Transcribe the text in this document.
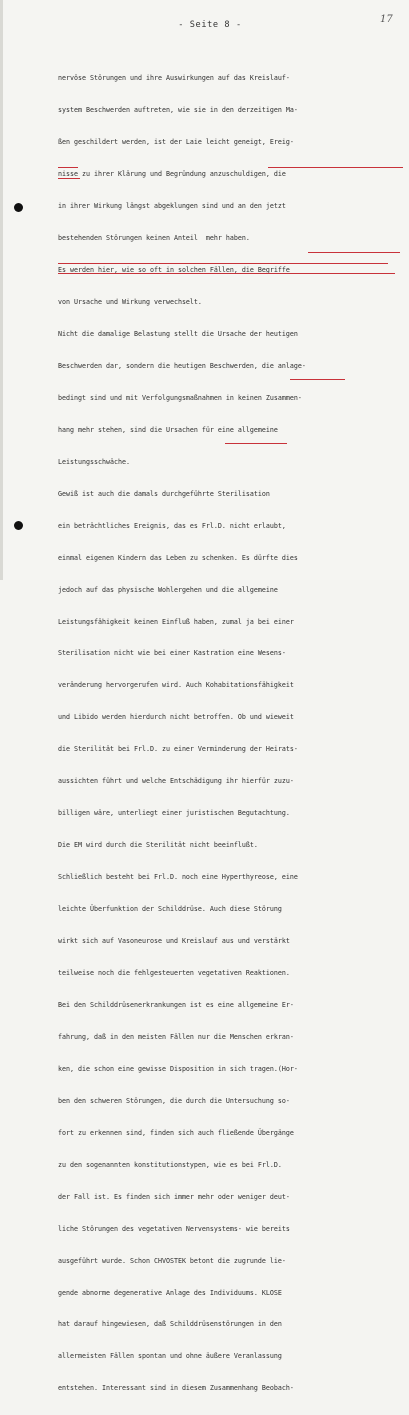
- Seite 8 -	17

nervöse Störungen und ihre Auswirkungen auf das Kreislauf-

system Beschwerden auftreten, wie sie in den derzeitigen Ma-

ßen geschildert werden, ist der Laie leicht geneigt, Ereig-

nisse zu ihrer Klärung und Begründung anzuschuldigen, die

in ihrer Wirkung längst abgeklungen sind und an den jetzt

bestehenden Störungen keinen Anteil  mehr haben.

Es werden hier, wie so oft in solchen Fällen, die Begriffe

von Ursache und Wirkung verwechselt.

Nicht die damalige Belastung stellt die Ursache der heutigen

Beschwerden dar, sondern die heutigen Beschwerden, die anlage-

bedingt sind und mit Verfolgungsmaßnahmen in keinen Zusammen-

hang mehr stehen, sind die Ursachen für eine allgemeine

Leistungsschwäche.

Gewiß ist auch die damals durchgeführte Sterilisation

ein beträchtliches Ereignis, das es Frl.D. nicht erlaubt,

einmal eigenen Kindern das Leben zu schenken. Es dürfte dies

jedoch auf das physische Wohlergehen und die allgemeine

Leistungsfähigkeit keinen Einfluß haben, zumal ja bei einer

Sterilisation nicht wie bei einer Kastration eine Wesens-

veränderung hervorgerufen wird. Auch Kohabitationsfähigkeit

und Libido werden hierdurch nicht betroffen. Ob und wieweit

die Sterilität bei Frl.D. zu einer Verminderung der Heirats-

aussichten führt und welche Entschädigung ihr hierfür zuzu-

billigen wäre, unterliegt einer juristischen Begutachtung.

Die EM wird durch die Sterilität nicht beeinflußt.

Schließlich besteht bei Frl.D. noch eine Hyperthyreose, eine

leichte Überfunktion der Schilddrüse. Auch diese Störung

wirkt sich auf Vasoneurose und Kreislauf aus und verstärkt

teilweise noch die fehlgesteuerten vegetativen Reaktionen.

Bei den Schilddrüsenerkrankungen ist es eine allgemeine Er-

fahrung, daß in den meisten Fällen nur die Menschen erkran-

ken, die schon eine gewisse Disposition in sich tragen.(Hor-

ben den schweren Störungen, die durch die Untersuchung so-

fort zu erkennen sind, finden sich auch fließende Übergänge

zu den sogenannten konstitutionstypen, wie es bei Frl.D.

der Fall ist. Es finden sich immer mehr oder weniger deut-

liche Störungen des vegetativen Nervensystems- wie bereits

ausgeführt wurde. Schon CHVOSTEK betont die zugrunde lie-

gende abnorme degenerative Anlage des Individuums. KLOSE

hat darauf hingewiesen, daß Schilddrüsenstörungen in den

allermeisten Fällen spontan und ohne äußere Veranlassung

entstehen. Interessant sind in diesem Zusammenhang Beobach-
